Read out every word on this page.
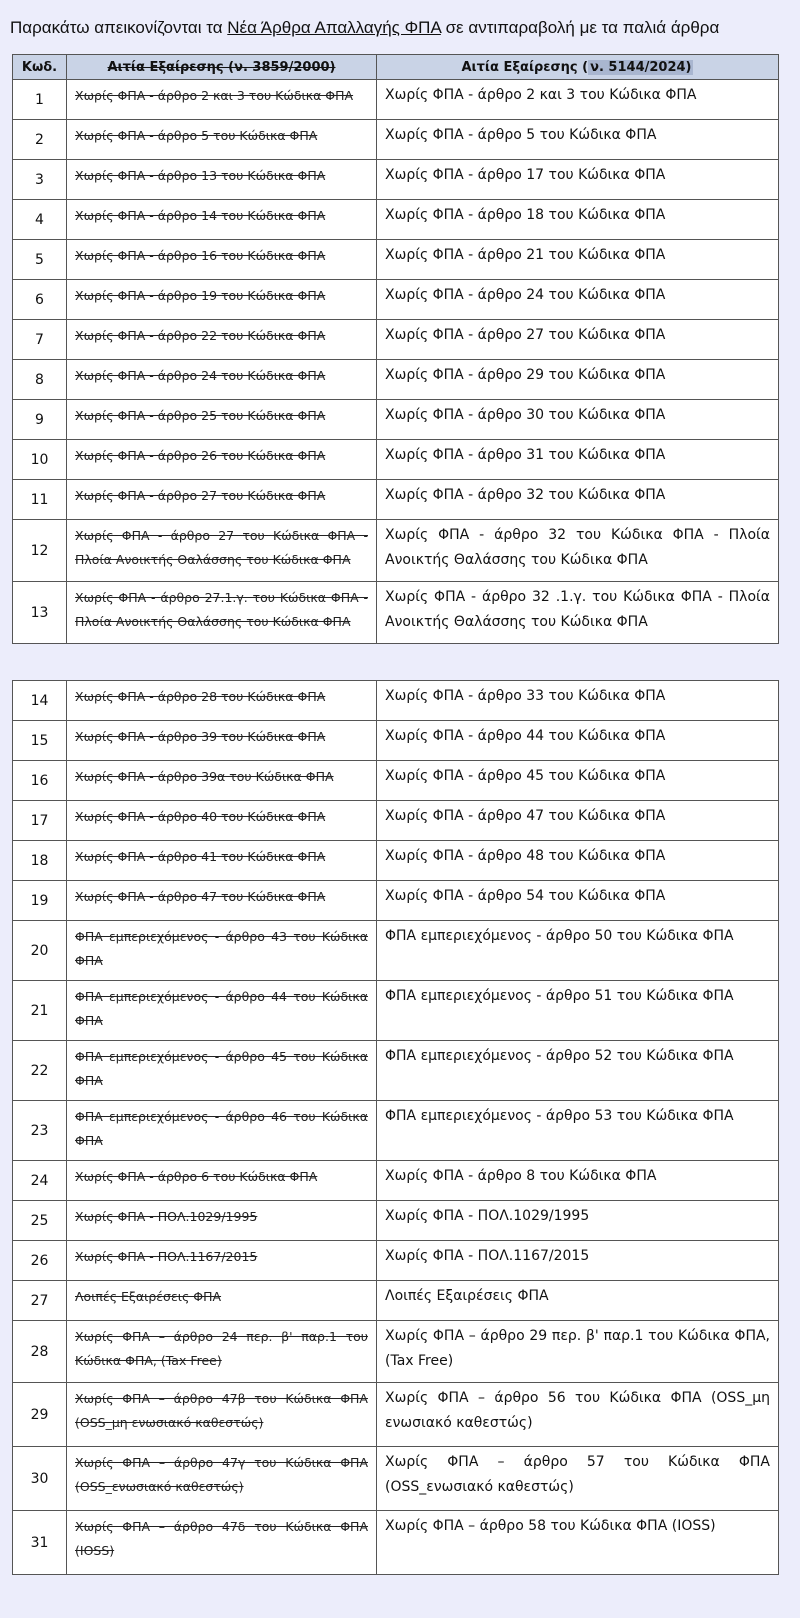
Παρακάτω απεικονίζονται τα Νέα Άρθρα Απαλλαγής ΦΠΑ σε αντιπαραβολή με τα παλιά άρθρα
Κωδ.	Αιτία Εξαίρεσης (ν. 3859/2000)	Αιτία Εξαίρεσης ( ν. 5144/2024)
1	Χωρίς ΦΠΑ - άρθρο 2 και 3 του Κώδικα ΦΠΑ	Χωρίς ΦΠΑ - άρθρο 2 και 3 του Κώδικα ΦΠΑ
2	Χωρίς ΦΠΑ - άρθρο 5 του Κώδικα ΦΠΑ	Χωρίς ΦΠΑ - άρθρο 5 του Κώδικα ΦΠΑ
3	Χωρίς ΦΠΑ - άρθρο 13 του Κώδικα ΦΠΑ	Χωρίς ΦΠΑ - άρθρο 17 του Κώδικα ΦΠΑ
4	Χωρίς ΦΠΑ - άρθρο 14 του Κώδικα ΦΠΑ	Χωρίς ΦΠΑ - άρθρο 18 του Κώδικα ΦΠΑ
5	Χωρίς ΦΠΑ - άρθρο 16 του Κώδικα ΦΠΑ	Χωρίς ΦΠΑ - άρθρο 21 του Κώδικα ΦΠΑ
6	Χωρίς ΦΠΑ - άρθρο 19 του Κώδικα ΦΠΑ	Χωρίς ΦΠΑ - άρθρο 24 του Κώδικα ΦΠΑ
7	Χωρίς ΦΠΑ - άρθρο 22 του Κώδικα ΦΠΑ	Χωρίς ΦΠΑ - άρθρο 27 του Κώδικα ΦΠΑ
8	Χωρίς ΦΠΑ - άρθρο 24 του Κώδικα ΦΠΑ	Χωρίς ΦΠΑ - άρθρο 29 του Κώδικα ΦΠΑ
9	Χωρίς ΦΠΑ - άρθρο 25 του Κώδικα ΦΠΑ	Χωρίς ΦΠΑ - άρθρο 30 του Κώδικα ΦΠΑ
10	Χωρίς ΦΠΑ - άρθρο 26 του Κώδικα ΦΠΑ	Χωρίς ΦΠΑ - άρθρο 31 του Κώδικα ΦΠΑ
11	Χωρίς ΦΠΑ - άρθρο 27 του Κώδικα ΦΠΑ	Χωρίς ΦΠΑ - άρθρο 32 του Κώδικα ΦΠΑ
12	Χωρίς ΦΠΑ - άρθρο 27 του Κώδικα ΦΠΑ - Πλοία Ανοικτής Θαλάσσης του Κώδικα ΦΠΑ	Χωρίς ΦΠΑ - άρθρο 32 του Κώδικα ΦΠΑ - Πλοία Ανοικτής Θαλάσσης του Κώδικα ΦΠΑ
13	Χωρίς ΦΠΑ - άρθρο 27.1.γ. του Κώδικα ΦΠΑ - Πλοία Ανοικτής Θαλάσσης του Κώδικα ΦΠΑ	Χωρίς ΦΠΑ - άρθρο 32 .1.γ. του Κώδικα ΦΠΑ - Πλοία Ανοικτής Θαλάσσης του Κώδικα ΦΠΑ
14	Χωρίς ΦΠΑ - άρθρο 28 του Κώδικα ΦΠΑ	Χωρίς ΦΠΑ - άρθρο 33 του Κώδικα ΦΠΑ
15	Χωρίς ΦΠΑ - άρθρο 39 του Κώδικα ΦΠΑ	Χωρίς ΦΠΑ - άρθρο 44 του Κώδικα ΦΠΑ
16	Χωρίς ΦΠΑ - άρθρο 39α του Κώδικα ΦΠΑ	Χωρίς ΦΠΑ - άρθρο 45 του Κώδικα ΦΠΑ
17	Χωρίς ΦΠΑ - άρθρο 40 του Κώδικα ΦΠΑ	Χωρίς ΦΠΑ - άρθρο 47 του Κώδικα ΦΠΑ
18	Χωρίς ΦΠΑ - άρθρο 41 του Κώδικα ΦΠΑ	Χωρίς ΦΠΑ - άρθρο 48 του Κώδικα ΦΠΑ
19	Χωρίς ΦΠΑ - άρθρο 47 του Κώδικα ΦΠΑ	Χωρίς ΦΠΑ - άρθρο 54 του Κώδικα ΦΠΑ
20	ΦΠΑ εμπεριεχόμενος - άρθρο 43 του Κώδικα ΦΠΑ	ΦΠΑ εμπεριεχόμενος - άρθρο 50 του Κώδικα ΦΠΑ
21	ΦΠΑ εμπεριεχόμενος - άρθρο 44 του Κώδικα ΦΠΑ	ΦΠΑ εμπεριεχόμενος - άρθρο 51 του Κώδικα ΦΠΑ
22	ΦΠΑ εμπεριεχόμενος - άρθρο 45 του Κώδικα ΦΠΑ	ΦΠΑ εμπεριεχόμενος - άρθρο 52 του Κώδικα ΦΠΑ
23	ΦΠΑ εμπεριεχόμενος - άρθρο 46 του Κώδικα ΦΠΑ	ΦΠΑ εμπεριεχόμενος - άρθρο 53 του Κώδικα ΦΠΑ
24	Χωρίς ΦΠΑ - άρθρο 6 του Κώδικα ΦΠΑ	Χωρίς ΦΠΑ - άρθρο 8 του Κώδικα ΦΠΑ
25	Χωρίς ΦΠΑ - ΠΟΛ.1029/1995	Χωρίς ΦΠΑ - ΠΟΛ.1029/1995
26	Χωρίς ΦΠΑ - ΠΟΛ.1167/2015	Χωρίς ΦΠΑ - ΠΟΛ.1167/2015
27	Λοιπές Εξαιρέσεις ΦΠΑ	Λοιπές Εξαιρέσεις ΦΠΑ
28	Χωρίς ΦΠΑ – άρθρο 24 περ. β' παρ.1 του Κώδικα ΦΠΑ, (Tax Free)	Χωρίς ΦΠΑ – άρθρο 29 περ. β' παρ.1 του Κώδικα ΦΠΑ, (Tax Free)
29	Χωρίς ΦΠΑ – άρθρο 47β του Κώδικα ΦΠΑ (OSS_μη ενωσιακό καθεστώς)	Χωρίς ΦΠΑ – άρθρο 56 του Κώδικα ΦΠΑ (OSS_μη ενωσιακό καθεστώς)
30	Χωρίς ΦΠΑ – άρθρο 47γ του Κώδικα ΦΠΑ (OSS_ενωσιακό καθεστώς)	Χωρίς ΦΠΑ – άρθρο 57 του Κώδικα ΦΠΑ (OSS_ενωσιακό καθεστώς)
31	Χωρίς ΦΠΑ – άρθρο 47δ του Κώδικα ΦΠΑ (IOSS)	Χωρίς ΦΠΑ – άρθρο 58 του Κώδικα ΦΠΑ (IOSS)
